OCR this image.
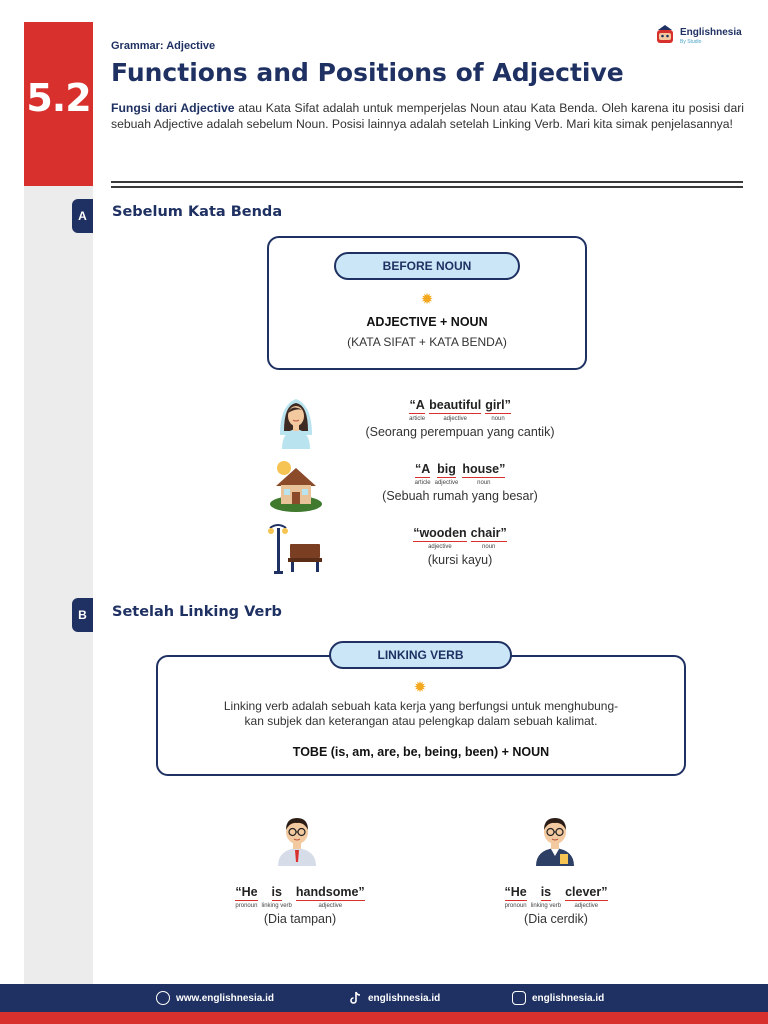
5.2
Grammar: Adjective
Functions and Positions of Adjective

Fungsi dari Adjective atau Kata Sifat adalah untuk memperjelas Noun atau Kata Benda. Oleh karena itu posisi dari sebuah Adjective adalah sebelum Noun. Posisi lainnya adalah setelah Linking Verb. Mari kita simak penjelasannya!

Englishnesia
By Studio
A	Sebelum Kata Benda
BEFORE NOUN
✹
ADJECTIVE + NOUN
(KATA SIFAT + KATA BENDA)
“A
article
beautiful
adjective
girl”
noun
(Seorang perempuan yang cantik)
“A
article
big
adjective
house”
noun
(Sebuah rumah yang besar)
“wooden
adjective
chair”
noun
(kursi kayu)
B	Setelah Linking Verb
LINKING VERB
✹
Linking verb adalah sebuah kata kerja yang berfungsi untuk menghubung-
kan subjek dan keterangan atau pelengkap dalam sebuah kalimat.
TOBE (is, am, are, be, being, been) + NOUN
“He
pronoun
is
linking verb
handsome”
adjective
(Dia tampan)
“He
pronoun
is
linking verb
clever”
adjective
(Dia cerdik)
www.englishnesia.id	englishnesia.id	englishnesia.id
